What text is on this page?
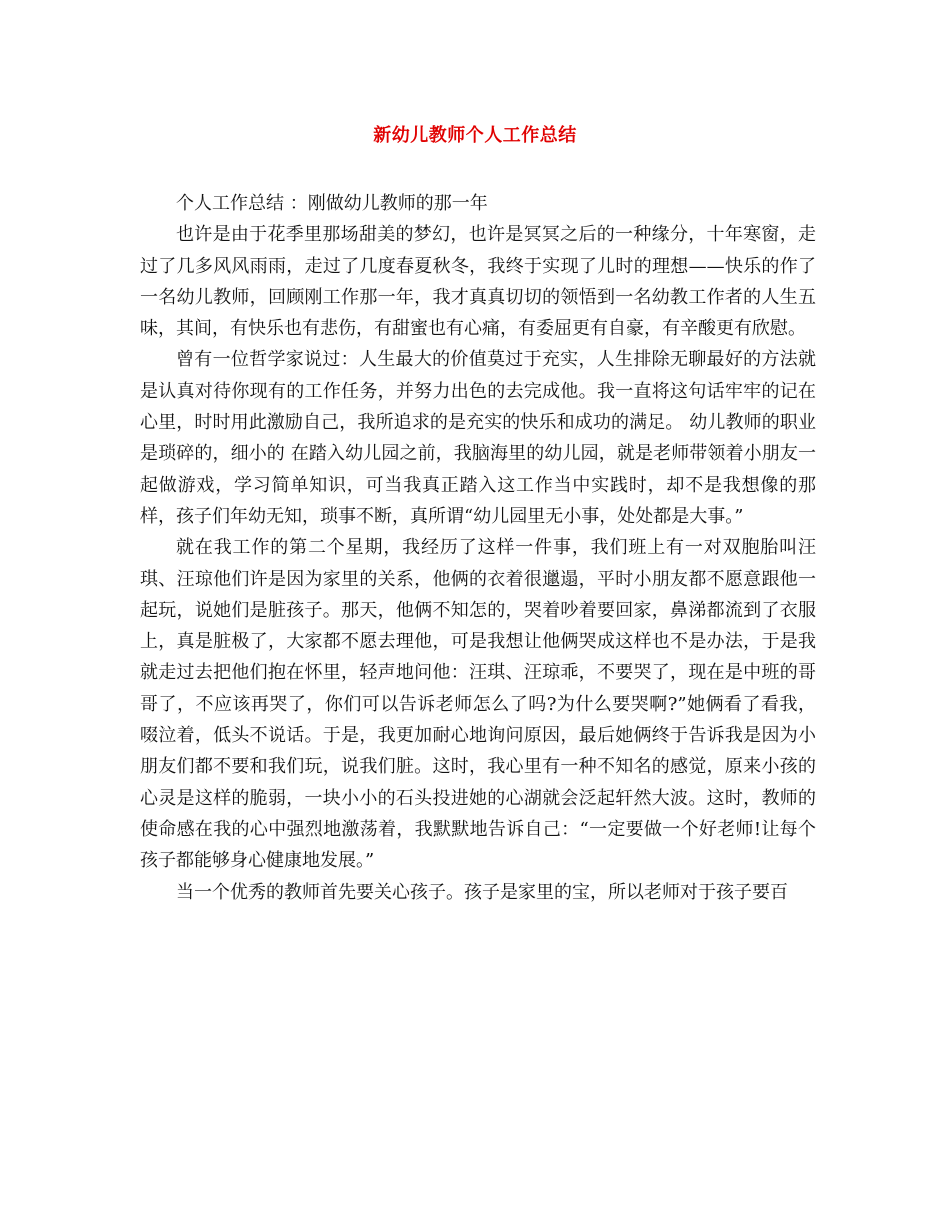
新幼儿教师个人工作总结

个人工作总结 ：刚做幼儿教师的那一年

也许是由于花季里那场甜美的梦幻，也许是冥冥之后的一种缘分，十年寒窗，走过了几多风风雨雨，走过了几度春夏秋冬，我终于实现了儿时的理想——快乐的作了一名幼儿教师，回顾刚工作那一年，我才真真切切的领悟到一名幼教工作者的人生五味，其间，有快乐也有悲伤，有甜蜜也有心痛，有委屈更有自豪，有辛酸更有欣慰。

曾有一位哲学家说过：人生最大的价值莫过于充实，人生排除无聊最好的方法就是认真对待你现有的工作任务，并努力出色的去完成他。我一直将这句话牢牢的记在心里，时时用此激励自己，我所追求的是充实的快乐和成功的满足。 幼儿教师的职业是琐碎的，细小的 在踏入幼儿园之前，我脑海里的幼儿园，就是老师带领着小朋友一起做游戏，学习简单知识，可当我真正踏入这工作当中实践时，却不是我想像的那样，孩子们年幼无知，琐事不断，真所谓“幼儿园里无小事，处处都是大事。”

就在我工作的第二个星期，我经历了这样一件事，我们班上有一对双胞胎叫汪琪、汪琼他们许是因为家里的关系，他俩的衣着很邋遢，平时小朋友都不愿意跟他一起玩，说她们是脏孩子。那天，他俩不知怎的，哭着吵着要回家，鼻涕都流到了衣服上，真是脏极了，大家都不愿去理他，可是我想让他俩哭成这样也不是办法，于是我就走过去把他们抱在怀里，轻声地问他：汪琪、汪琼乖，不要哭了，现在是中班的哥哥了，不应该再哭了，你们可以告诉老师怎么了吗?为什么要哭啊?”她俩看了看我，啜泣着，低头不说话。于是，我更加耐心地询问原因，最后她俩终于告诉我是因为小朋友们都不要和我们玩，说我们脏。这时，我心里有一种不知名的感觉，原来小孩的心灵是这样的脆弱，一块小小的石头投进她的心湖就会泛起轩然大波。这时，教师的使命感在我的心中强烈地激荡着，我默默地告诉自己：“一定要做一个好老师!让每个孩子都能够身心健康地发展。”

当一个优秀的教师首先要关心孩子。孩子是家里的宝，所以老师对于孩子要百
